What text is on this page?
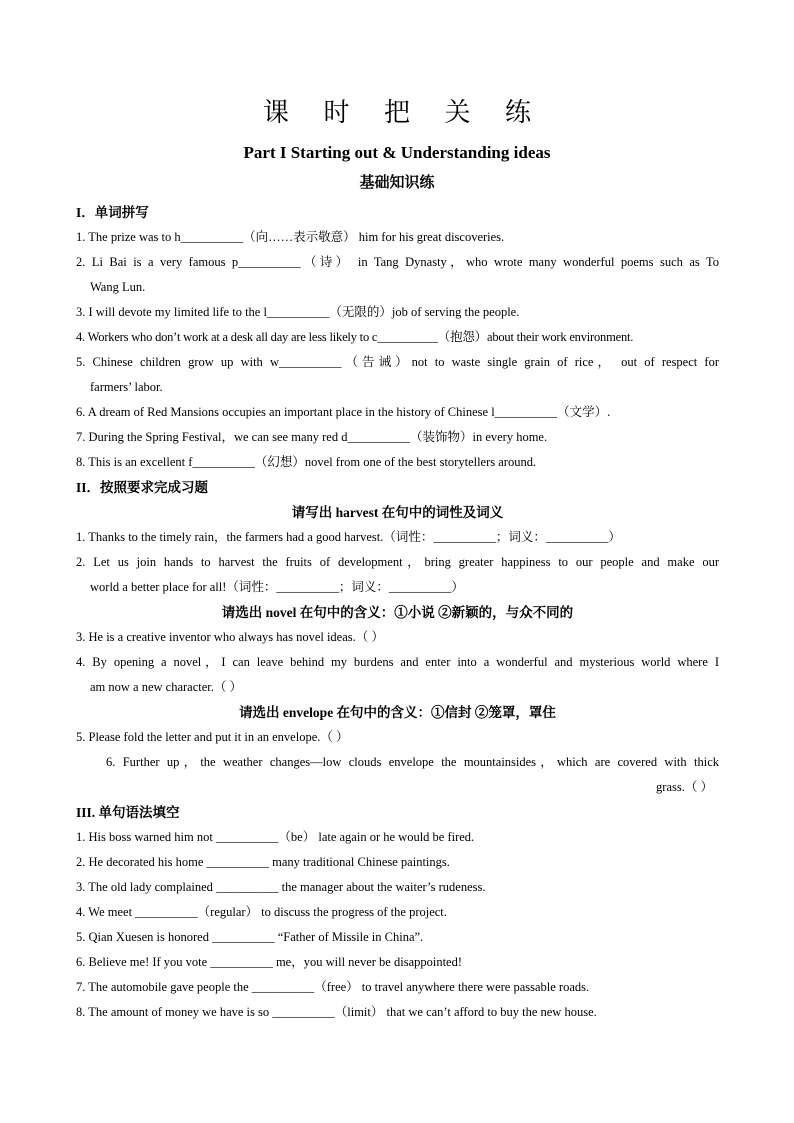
课 时 把 关 练
Part I Starting out & Understanding ideas
基础知识练
I．单词拼写
1. The prize was to h__________（向……表示敬意） him for his great discoveries.
2. Li Bai is a very famous p__________（诗） in Tang Dynasty，who wrote many wonderful poems such as To
Wang Lun.
3. I will devote my limited life to the l__________（无限的）job of serving the people.
4. Workers who don’t work at a desk all day are less likely to c__________（抱怨）about their work environment.
5. Chinese children grow up with w__________（告诫）not to waste single grain of rice， out of respect for
farmers’ labor.
6. A dream of Red Mansions occupies an important place in the history of Chinese l__________（文学）.
7. During the Spring Festival，we can see many red d__________（装饰物）in every home.
8. This is an excellent f__________（幻想）novel from one of the best storytellers around.
II．按照要求完成习题
请写出 harvest 在句中的词性及词义
1. Thanks to the timely rain，the farmers had a good harvest.（词性：__________；词义：__________）
2. Let us join hands to harvest the fruits of development，bring greater happiness to our people and make our
world a better place for all!（词性：__________；词义：__________）
请选出 novel 在句中的含义：①小说 ②新颖的，与众不同的
3. He is a creative inventor who always has novel ideas.（ ）
4. By opening a novel，I can leave behind my burdens and enter into a wonderful and mysterious world where I
am now a new character.（ ）
请选出 envelope 在句中的含义：①信封 ②笼罩，罩住
5. Please fold the letter and put it in an envelope.（ ）
6. Further up，the weather changes—low clouds envelope the mountainsides，which are covered with thick
grass.（ ）
III. 单句语法填空
1. His boss warned him not __________（be） late again or he would be fired.
2. He decorated his home __________ many traditional Chinese paintings.
3. The old lady complained __________ the manager about the waiter’s rudeness.
4. We meet __________（regular） to discuss the progress of the project.
5. Qian Xuesen is honored __________ “Father of Missile in China”.
6. Believe me! If you vote __________ me，you will never be disappointed!
7. The automobile gave people the __________（free） to travel anywhere there were passable roads.
8. The amount of money we have is so __________（limit） that we can’t afford to buy the new house.
